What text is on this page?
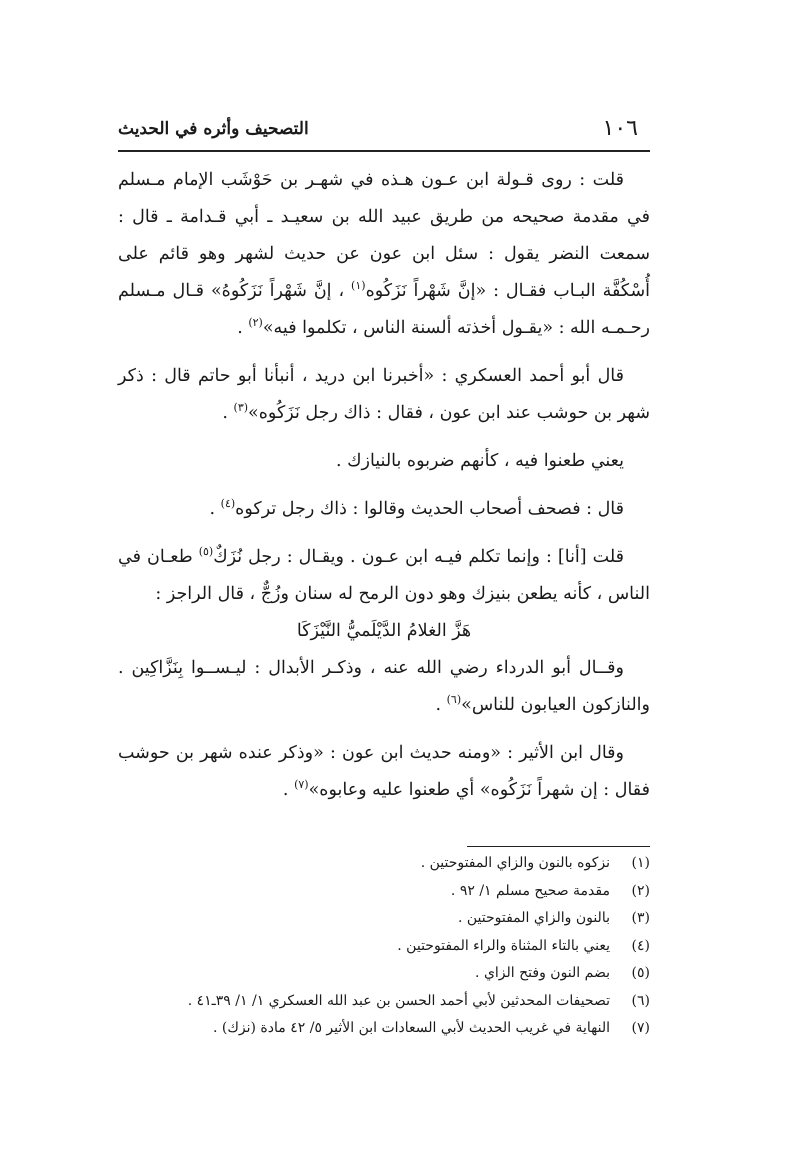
١٠٦
التصحيف وأثره في الحديث

قلت : روى قـولة ابن عـون هـذه في شهـر بن حَوْشَب الإمام مـسلم في مقدمة صحيحه من طريق عبيد الله بن سعيـد ـ أبي قـدامة ـ قال : سمعت النضر يقول : سئل ابن عون عن حديث لشهر وهو قائم على أُسْكُفَّة البـاب فقـال : «إنَّ شَهْراً نَزَكُوه$^{(١)}$ ، إنَّ شَهْراً نَزَكُوهُ» قـال مـسلم رحـمـه الله : «يقـول أخذته ألسنة الناس ، تكلموا فيه»$^{(٢)}$ .

قال أبو أحمد العسكري : «أخبرنا ابن دريد ، أنبأنا أبو حاتم قال : ذكر شهر بن حوشب عند ابن عون ، فقال : ذاك رجل نَزَكُوه»$^{(٣)}$ .

يعني طعنوا فيه ، كأنهم ضربوه بالنيازك .

قال : فصحف أصحاب الحديث وقالوا : ذاك رجل تركوه$^{(٤)}$ .

قلت [أنا] : وإنما تكلم فيـه ابن عـون . ويقـال : رجل نُزَكٌ$^{(٥)}$ طعـان في الناس ، كأنه يطعن بنيزك وهو دون الرمح له سنان وزُجٌّ ، قال الراجز :

هَزَّ الغلامُ الدَّيْلَميُّ النَّيْزَكَا

وقــال أبو الدرداء رضي الله عنه ، وذكـر الأبدال : ليـســوا بِنَزَّاكِين . والنازكون العيابون للناس»$^{(٦)}$ .

وقال ابن الأثير : «ومنه حديث ابن عون : «وذكر عنده شهر بن حوشب فقال : إن شهراً نَزَكُوه» أي طعنوا عليه وعابوه»$^{(٧)}$ .

(١)نزكوه بالنون والزاي المفتوحتين .
(٢)مقدمة صحيح مسلم ١/ ٩٢ .
(٣)بالنون والزاي المفتوحتين .
(٤)يعني بالتاء المثناة والراء المفتوحتين .
(٥)بضم النون وفتح الزاي .
(٦)تصحيفات المحدثين لأبي أحمد الحسن بن عبد الله العسكري ١/ ١/ ٣٩ـ٤١ .
(٧)النهاية في غريب الحديث لأبي السعادات ابن الأثير ٥/ ٤٢ مادة (نزك) .
